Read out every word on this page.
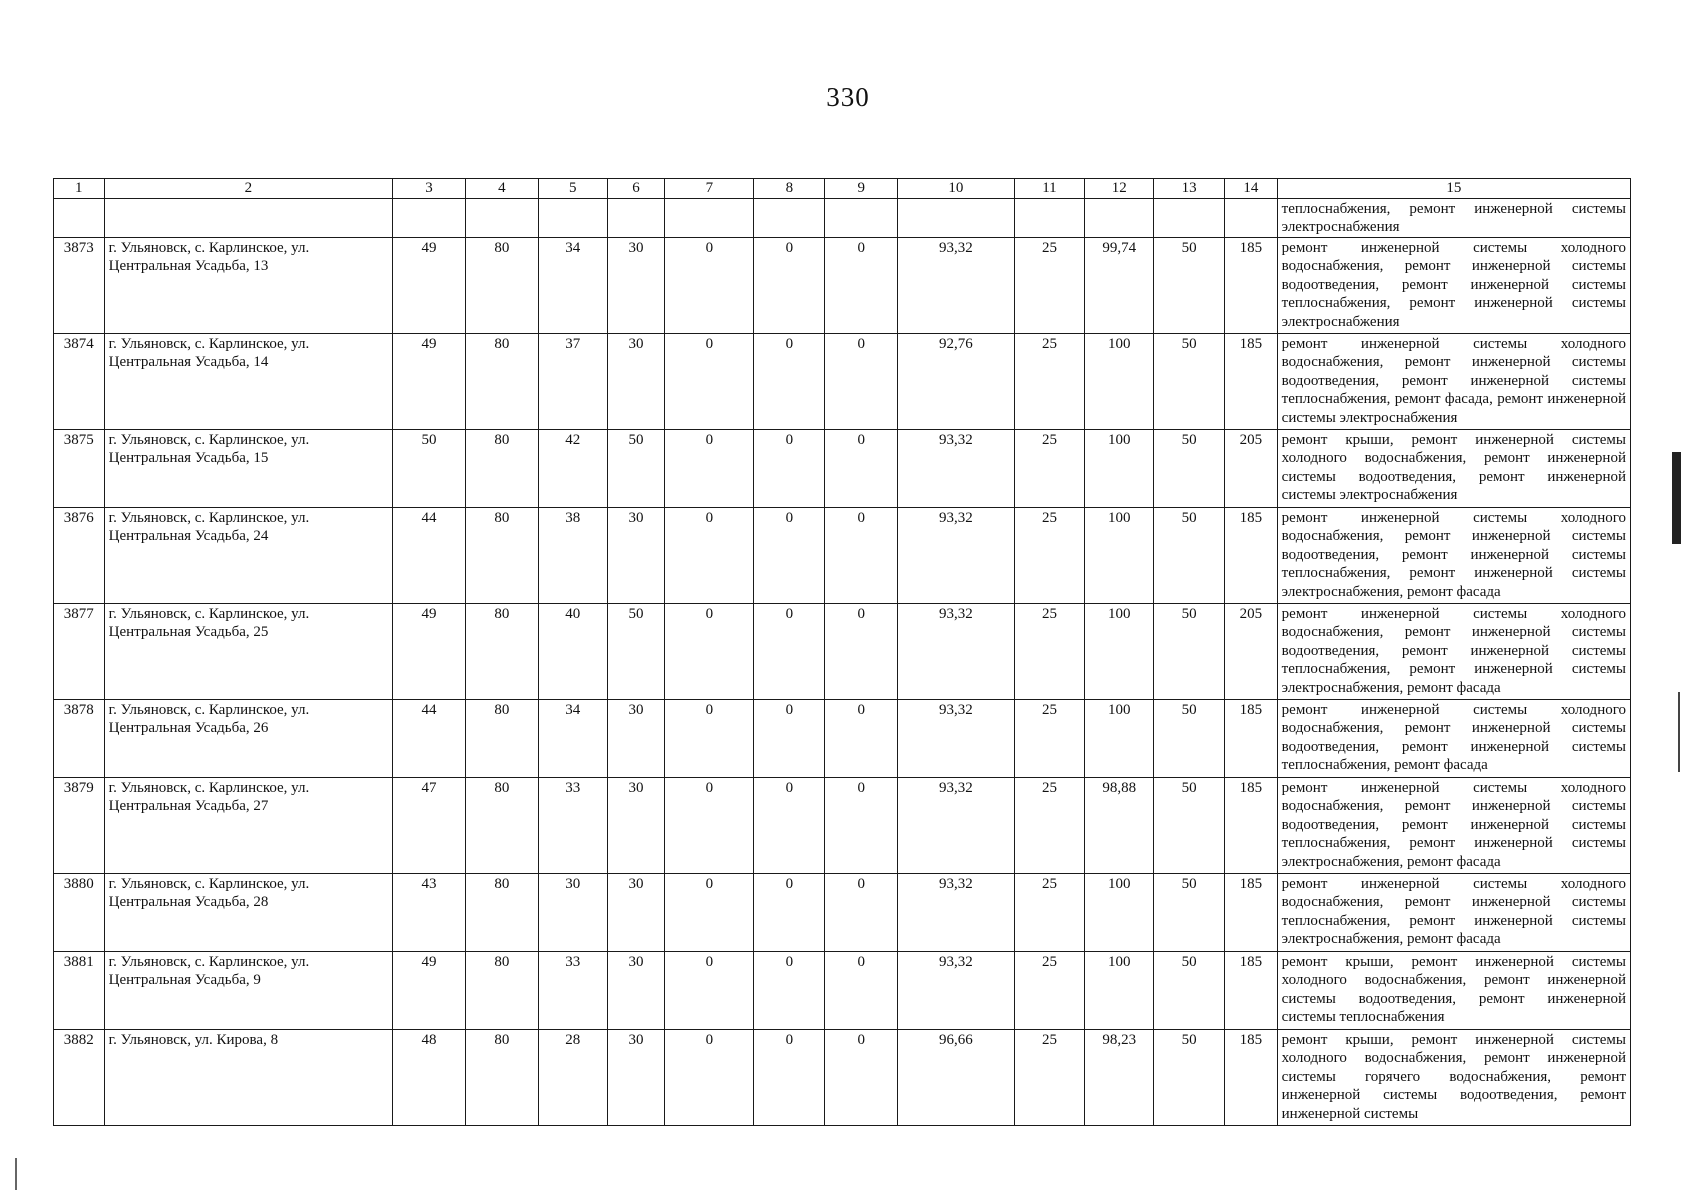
330
1	2	3	4	5	6	7	8	9	10	11	12	13	14	15
														теплоснабжения, ремонт инженерной системы электроснабжения
3873	г. Ульяновск, с. Карлинское, ул. Центральная Усадьба, 13	49	80	34	30	0	0	0	93,32	25	99,74	50	185	ремонт инженерной системы холодного водоснабжения, ремонт инженерной системы водоотведения, ремонт инженерной системы теплоснабжения, ремонт инженерной системы электроснабжения
3874	г. Ульяновск, с. Карлинское, ул. Центральная Усадьба, 14	49	80	37	30	0	0	0	92,76	25	100	50	185	ремонт инженерной системы холодного водоснабжения, ремонт инженерной системы водоотведения, ремонт инженерной системы теплоснабжения, ремонт фасада, ремонт инженерной системы электроснабжения
3875	г. Ульяновск, с. Карлинское, ул. Центральная Усадьба, 15	50	80	42	50	0	0	0	93,32	25	100	50	205	ремонт крыши, ремонт инженерной системы холодного водоснабжения, ремонт инженерной системы водоотведения, ремонт инженерной системы электроснабжения
3876	г. Ульяновск, с. Карлинское, ул. Центральная Усадьба, 24	44	80	38	30	0	0	0	93,32	25	100	50	185	ремонт инженерной системы холодного водоснабжения, ремонт инженерной системы водоотведения, ремонт инженерной системы теплоснабжения, ремонт инженерной системы электроснабжения, ремонт фасада
3877	г. Ульяновск, с. Карлинское, ул. Центральная Усадьба, 25	49	80	40	50	0	0	0	93,32	25	100	50	205	ремонт инженерной системы холодного водоснабжения, ремонт инженерной системы водоотведения, ремонт инженерной системы теплоснабжения, ремонт инженерной системы электроснабжения, ремонт фасада
3878	г. Ульяновск, с. Карлинское, ул. Центральная Усадьба, 26	44	80	34	30	0	0	0	93,32	25	100	50	185	ремонт инженерной системы холодного водоснабжения, ремонт инженерной системы водоотведения, ремонт инженерной системы теплоснабжения, ремонт фасада
3879	г. Ульяновск, с. Карлинское, ул. Центральная Усадьба, 27	47	80	33	30	0	0	0	93,32	25	98,88	50	185	ремонт инженерной системы холодного водоснабжения, ремонт инженерной системы водоотведения, ремонт инженерной системы теплоснабжения, ремонт инженерной системы электроснабжения, ремонт фасада
3880	г. Ульяновск, с. Карлинское, ул. Центральная Усадьба, 28	43	80	30	30	0	0	0	93,32	25	100	50	185	ремонт инженерной системы холодного водоснабжения, ремонт инженерной системы теплоснабжения, ремонт инженерной системы электроснабжения, ремонт фасада
3881	г. Ульяновск, с. Карлинское, ул. Центральная Усадьба, 9	49	80	33	30	0	0	0	93,32	25	100	50	185	ремонт крыши, ремонт инженерной системы холодного водоснабжения, ремонт инженерной системы водоотведения, ремонт инженерной системы теплоснабжения
3882	г. Ульяновск, ул. Кирова, 8	48	80	28	30	0	0	0	96,66	25	98,23	50	185	ремонт крыши, ремонт инженерной системы холодного водоснабжения, ремонт инженерной системы горячего водоснабжения, ремонт инженерной системы водоотведения, ремонт инженерной системы
